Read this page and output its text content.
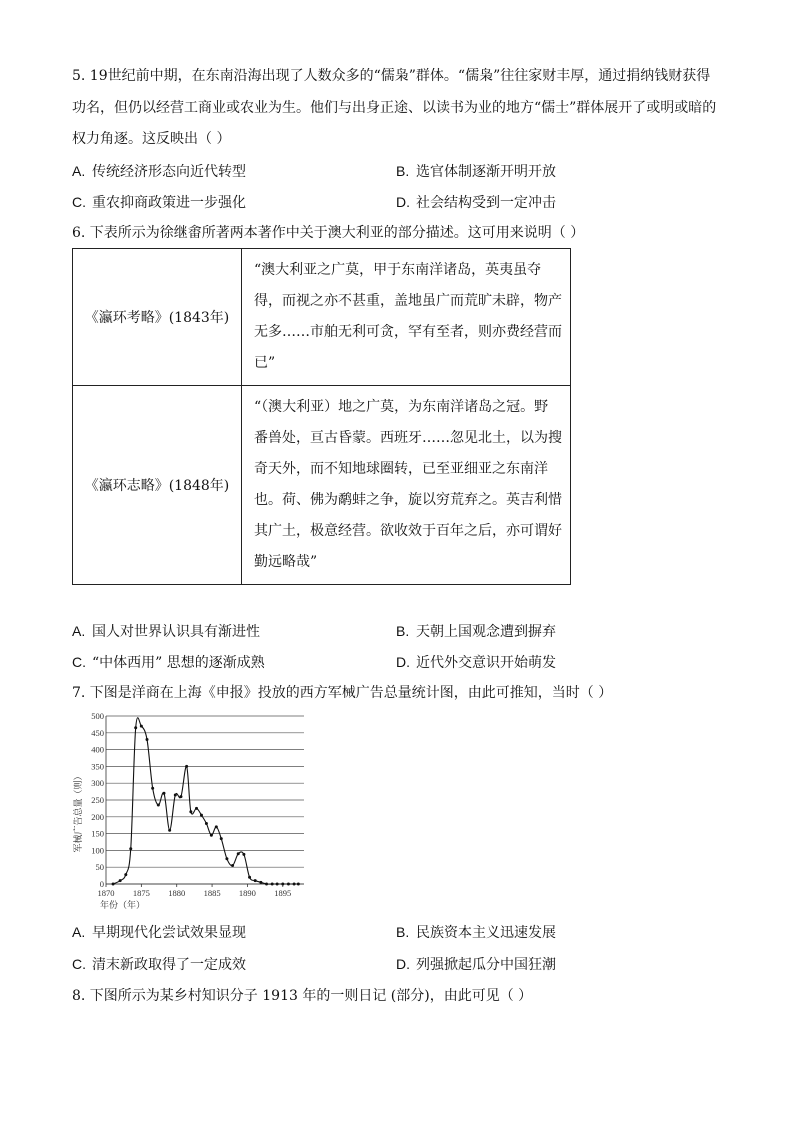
5. 19世纪前中期，在东南沿海出现了人数众多的“儒枭”群体。“儒枭”往往家财丰厚，通过捐纳钱财获得功名，但仍以经营工商业或农业为生。他们与出身正途、以读书为业的地方“儒士”群体展开了或明或暗的权力角逐。这反映出（ ）
A. 传统经济形态向近代转型	B. 选官体制逐渐开明开放
C. 重农抑商政策进一步强化	D. 社会结构受到一定冲击
6. 下表所示为徐继畬所著两本著作中关于澳大利亚的部分描述。这可用来说明（ ）
《瀛环考略》(1843年)	“澳大利亚之广莫，甲于东南洋诸岛，英夷虽夺得，而视之亦不甚重，盖地虽广而荒旷未辟，物产无多……市舶无利可贪，罕有至者，则亦费经营而已”
《瀛环志略》(1848年)	“（澳大利亚）地之广莫，为东南洋诸岛之冠。野番兽处，亘古昏蒙。西班牙……忽见北土，以为搜奇天外，而不知地球圈转，已至亚细亚之东南洋也。荷、佛为鹬蚌之争，旋以穷荒弃之。英吉利惜其广土，极意经营。欲收效于百年之后，亦可谓好勤远略哉”
A. 国人对世界认识具有渐进性	B. 天朝上国观念遭到摒弃
C. “中体西用” 思想的逐渐成熟	D. 近代外交意识开始萌发
7. 下图是洋商在上海《申报》投放的西方军械广告总量统计图，由此可推知，当时（ ）
0
50
100
150
200
250
300
350
400
450
500
1870 1875 1880 1885 1890 1895
军械广告总量（则）
年份（年）
A. 早期现代化尝试效果显现	B. 民族资本主义迅速发展
C. 清末新政取得了一定成效	D. 列强掀起瓜分中国狂潮
8. 下图所示为某乡村知识分子 1913 年的一则日记 (部分)，由此可见（ ）
